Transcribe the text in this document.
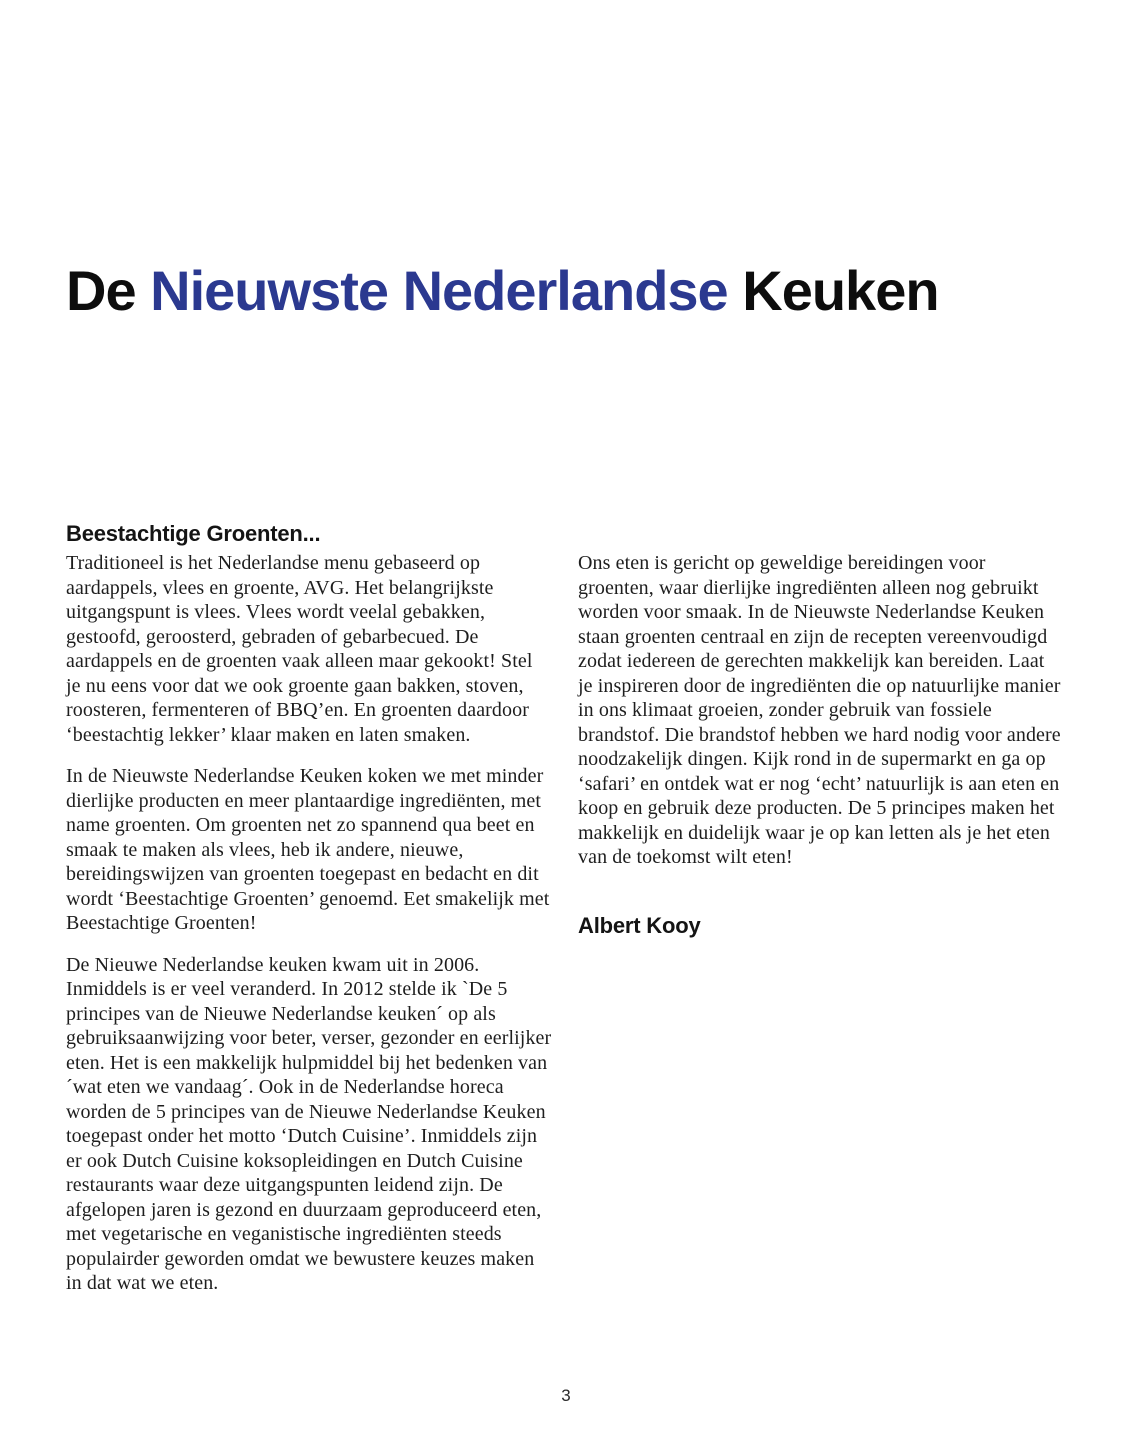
De Nieuwste Nederlandse Keuken
Beestachtige Groenten...

Traditioneel is het Nederlandse menu gebaseerd op aardappels, vlees en groente, AVG. Het belangrijkste uitgangspunt is vlees. Vlees wordt veelal gebakken, gestoofd, geroosterd, gebraden of gebarbecued. De aardappels en de groenten vaak alleen maar gekookt! Stel je nu eens voor dat we ook groente gaan bakken, stoven, roosteren, fermenteren of BBQ’en. En groenten daardoor ‘beestachtig lekker’ klaar maken en laten smaken.

In de Nieuwste Nederlandse Keuken koken we met minder dierlijke producten en meer plantaardige ingrediënten, met name groenten. Om groenten net zo spannend qua beet en smaak te maken als vlees, heb ik andere, nieuwe, bereidingswijzen van groenten toegepast en bedacht en dit wordt ‘Beestachtige Groenten’ genoemd. Eet smakelijk met Beestachtige Groenten!

De Nieuwe Nederlandse keuken kwam uit in 2006. Inmiddels is er veel veranderd. In 2012 stelde ik `De 5 principes van de Nieuwe Nederlandse keuken´ op als gebruiksaanwijzing voor beter, verser, gezonder en eerlijker eten. Het is een makkelijk hulpmiddel bij het bedenken van ´wat eten we vandaag´. Ook in de Nederlandse horeca worden de 5 principes van de Nieuwe Nederlandse Keuken toegepast onder het motto ‘Dutch Cuisine’. Inmiddels zijn er ook Dutch Cuisine koksopleidingen en Dutch Cuisine restaurants waar deze uitgangspunten leidend zijn. De afgelopen jaren is gezond en duurzaam geproduceerd eten, met vegetarische en veganistische ingrediënten steeds populairder geworden omdat we bewustere keuzes maken in dat wat we eten.

Ons eten is gericht op geweldige bereidingen voor groenten, waar dierlijke ingrediënten alleen nog gebruikt worden voor smaak. In de Nieuwste Nederlandse Keuken staan groenten centraal en zijn de recepten vereenvoudigd zodat iedereen de gerechten makkelijk kan bereiden. Laat je inspireren door de ingrediënten die op natuurlijke manier in ons klimaat groeien, zonder gebruik van fossiele brandstof. Die brandstof hebben we hard nodig voor andere noodzakelijk dingen. Kijk rond in de supermarkt en ga op ‘safari’ en ontdek wat er nog ‘echt’ natuurlijk is aan eten en koop en gebruik deze producten. De 5 principes maken het makkelijk en duidelijk waar je op kan letten als je het eten van de toekomst wilt eten!

Albert Kooy
3
